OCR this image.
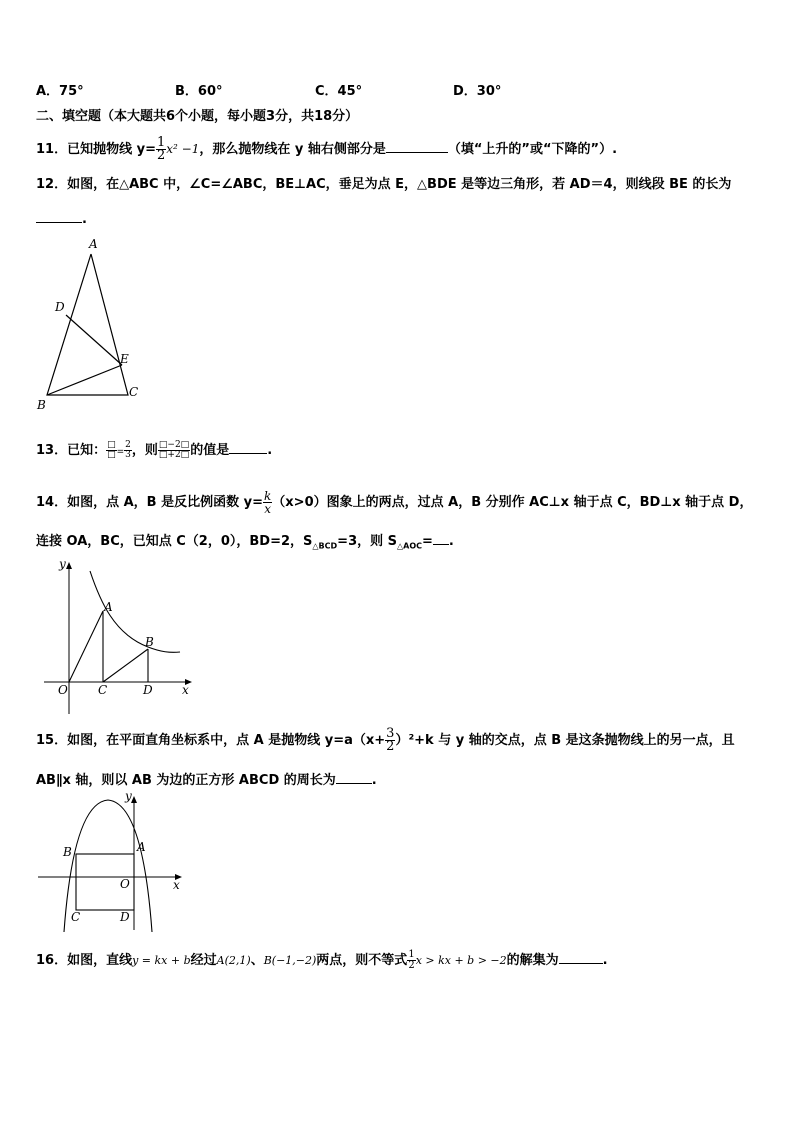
A．75°	B．60°	C．45°	D．30°
二、填空题（本大题共6个小题，每小题3分，共18分）
11．已知抛物线 $y= \frac{1}{2} x^2 -1$，那么抛物线在 y 轴右侧部分是	（填“上升的”或“下降的”）.
12．如图，在△ABC 中，∠C=∠ABC，BE⊥AC，垂足为点 E，△BDE 是等边三角形，若 AD＝4，则线段 BE 的长为
.
A
D
E
B
C
13．已知： $\frac{□}{□} = \frac{2}{3}$ ，则 $\frac{□-2□}{□+2□}$ 的值是	.
14．如图，点 A，B 是反比例函数 $y= \frac{k}{x} (x>0)$图象上的两点，过点 A，B 分别作 AC⊥x 轴于点 C，BD⊥x 轴于点 D，
连接 OA，BC，已知点 C（2，0），BD=2，$S_{\triangle BCD}=3$，则 $S_{\triangle AOC}=$ .
y
x
A
B
O	C	D
15．如图，在平面直角坐标系中，点 A 是抛物线 $y=a(x+ \frac{3}{2} )^2+k$ 与 y 轴的交点，点 B 是这条抛物线上的另一点，且
AB∥x 轴，则以 AB 为边的正方形 ABCD 的周长为	.
y
x
A
B
O
C	D
16．如图，直线y = kx + b经过A(2,1)、B(−1,−2)两点，则不等式 $\frac{1}{2}$ x > kx + b > −2的解集为	.
